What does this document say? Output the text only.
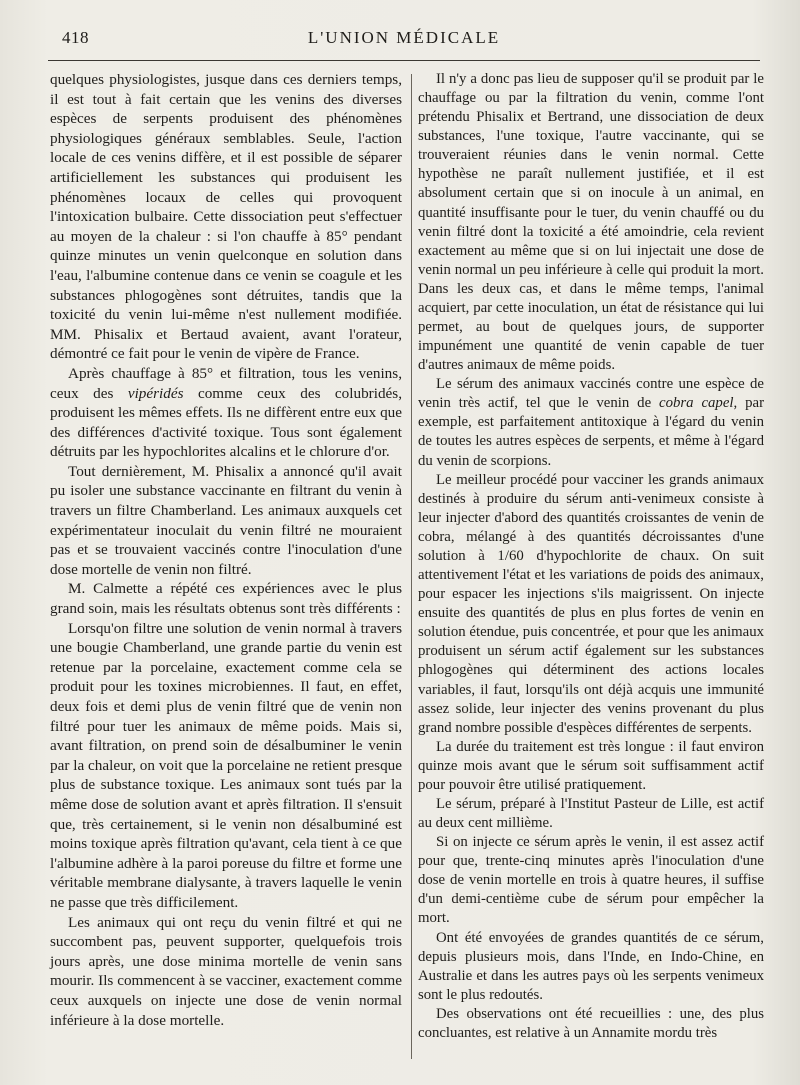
418	L'UNION MÉDICALE

quelques physiologistes, jusque dans ces derniers temps, il est tout à fait certain que les venins des diverses espèces de serpents produisent des phénomènes physiologiques généraux semblables. Seule, l'action locale de ces venins diffère, et il est possible de séparer artificiellement les substances qui produisent les phénomènes locaux de celles qui provoquent l'intoxication bulbaire. Cette dissociation peut s'effectuer au moyen de la chaleur : si l'on chauffe à 85° pendant quinze minutes un venin quelconque en solution dans l'eau, l'albumine contenue dans ce venin se coagule et les substances phlogogènes sont détruites, tandis que la toxicité du venin lui-même n'est nullement modifiée. MM. Phisalix et Bertaud avaient, avant l'orateur, démontré ce fait pour le venin de vipère de France.

Après chauffage à 85° et filtration, tous les venins, ceux des vipéridés comme ceux des colubridés, produisent les mêmes effets. Ils ne diffèrent entre eux que des différences d'activité toxique. Tous sont également détruits par les hypochlorites alcalins et le chlorure d'or.

Tout dernièrement, M. Phisalix a annoncé qu'il avait pu isoler une substance vaccinante en filtrant du venin à travers un filtre Chamberland. Les animaux auxquels cet expérimentateur inoculait du venin filtré ne mouraient pas et se trouvaient vaccinés contre l'inoculation d'une dose mortelle de venin non filtré.

M. Calmette a répété ces expériences avec le plus grand soin, mais les résultats obtenus sont très différents :

Lorsqu'on filtre une solution de venin normal à travers une bougie Chamberland, une grande partie du venin est retenue par la porcelaine, exactement comme cela se produit pour les toxines microbiennes. Il faut, en effet, deux fois et demi plus de venin filtré que de venin non filtré pour tuer les animaux de même poids. Mais si, avant filtration, on prend soin de désalbuminer le venin par la chaleur, on voit que la porcelaine ne retient presque plus de substance toxique. Les animaux sont tués par la même dose de solution avant et après filtration. Il s'ensuit que, très certainement, si le venin non désalbuminé est moins toxique après filtration qu'avant, cela tient à ce que l'albumine adhère à la paroi poreuse du filtre et forme une véritable membrane dialysante, à travers laquelle le venin ne passe que très difficilement.

Les animaux qui ont reçu du venin filtré et qui ne succombent pas, peuvent supporter, quelquefois trois jours après, une dose minima mortelle de venin sans mourir. Ils commencent à se vacciner, exactement comme ceux auxquels on injecte une dose de venin normal inférieure à la dose mortelle.

Il n'y a donc pas lieu de supposer qu'il se produit par le chauffage ou par la filtration du venin, comme l'ont prétendu Phisalix et Bertrand, une dissociation de deux substances, l'une toxique, l'autre vaccinante, qui se trouveraient réunies dans le venin normal. Cette hypothèse ne paraît nullement justifiée, et il est absolument certain que si on inocule à un animal, en quantité insuffisante pour le tuer, du venin chauffé ou du venin filtré dont la toxicité a été amoindrie, cela revient exactement au même que si on lui injectait une dose de venin normal un peu inférieure à celle qui produit la mort. Dans les deux cas, et dans le même temps, l'animal acquiert, par cette inoculation, un état de résistance qui lui permet, au bout de quelques jours, de supporter impunément une quantité de venin capable de tuer d'autres animaux de même poids.

Le sérum des animaux vaccinés contre une espèce de venin très actif, tel que le venin de cobra capel, par exemple, est parfaitement antitoxique à l'égard du venin de toutes les autres espèces de serpents, et même à l'égard du venin de scorpions.

Le meilleur procédé pour vacciner les grands animaux destinés à produire du sérum anti-venimeux consiste à leur injecter d'abord des quantités croissantes de venin de cobra, mélangé à des quantités décroissantes d'une solution à 1/60 d'hypochlorite de chaux. On suit attentivement l'état et les variations de poids des animaux, pour espacer les injections s'ils maigrissent. On injecte ensuite des quantités de plus en plus fortes de venin en solution étendue, puis concentrée, et pour que les animaux produisent un sérum actif également sur les substances phlogogènes qui déterminent des actions locales variables, il faut, lorsqu'ils ont déjà acquis une immunité assez solide, leur injecter des venins provenant du plus grand nombre possible d'espèces différentes de serpents.

La durée du traitement est très longue : il faut environ quinze mois avant que le sérum soit suffisamment actif pour pouvoir être utilisé pratiquement.

Le sérum, préparé à l'Institut Pasteur de Lille, est actif au deux cent millième.

Si on injecte ce sérum après le venin, il est assez actif pour que, trente-cinq minutes après l'inoculation d'une dose de venin mortelle en trois à quatre heures, il suffise d'un demi-centième cube de sérum pour empêcher la mort.

Ont été envoyées de grandes quantités de ce sérum, depuis plusieurs mois, dans l'Inde, en Indo-Chine, en Australie et dans les autres pays où les serpents venimeux sont le plus redoutés.

Des observations ont été recueillies : une, des plus concluantes, est relative à un Annamite mordu très
